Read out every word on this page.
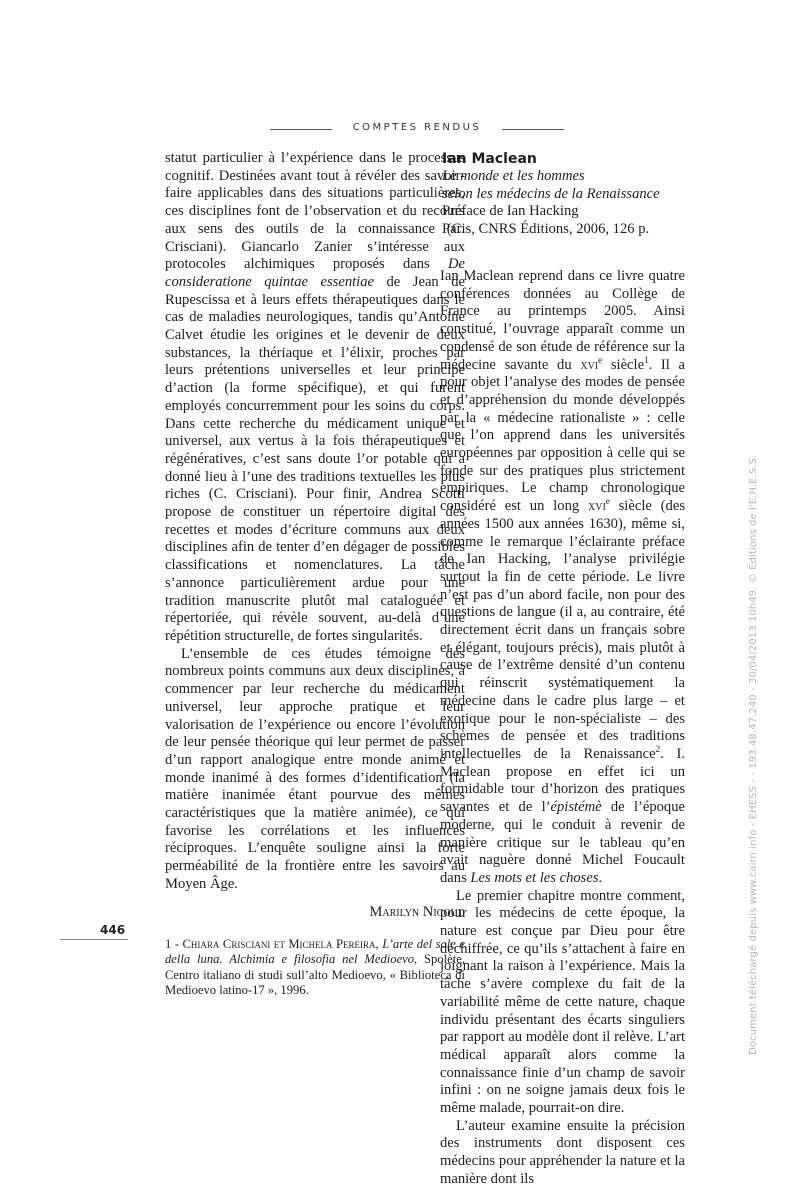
COMPTES RENDUS

statut particulier à l’expérience dans le processus cognitif. Destinées avant tout à révéler des savoir-faire applicables dans des situations particulières, ces disciplines font de l’observation et du recours aux sens des outils de la connaissance (C. Crisciani). Giancarlo Zanier s’intéresse aux protocoles alchimiques proposés dans De consideratione quintae essentiae de Jean de Rupescissa et à leurs effets thérapeutiques dans le cas de maladies neurologiques, tandis qu’Antoine Calvet étudie les origines et le devenir de deux substances, la thériaque et l’élixir, proches par leurs prétentions universelles et leur principe d’action (la forme spécifique), et qui furent employés concurremment pour les soins du corps. Dans cette recherche du médicament unique et universel, aux vertus à la fois thérapeutiques et régénératives, c’est sans doute l’or potable qui a donné lieu à l’une des traditions textuelles les plus riches (C. Crisciani). Pour finir, Andrea Scotti propose de constituer un répertoire digital des recettes et modes d’écriture communs aux deux disciplines afin de tenter d’en dégager de possibles classifications et nomenclatures. La tâche s’annonce particulièrement ardue pour une tradition manuscrite plutôt mal cataloguée et répertoriée, qui révèle souvent, au-delà d’une répétition structurelle, de fortes singularités.

L’ensemble de ces études témoigne des nombreux points communs aux deux disciplines, à commencer par leur recherche du médicament universel, leur approche pratique et leur valorisation de l’expérience ou encore l’évolution de leur pensée théorique qui leur permet de passer d’un rapport analogique entre monde animé et monde inanimé à des formes d’identification (la matière inanimée étant pourvue des mêmes caractéristiques que la matière animée), ce qui favorise les corrélations et les influences réciproques. L’enquête souligne ainsi la forte perméabilité de la frontière entre les savoirs au Moyen Âge.

Marilyn Nicoud
1 - Chiara Crisciani et Michela Pereira, L’arte del sole e della luna. Alchimia e filosofia nel Medioevo, Spolète, Centro italiano di studi sull’alto Medioevo, « Biblioteca di Medioevo latino-17 », 1996.
Ian Maclean
Le monde et les hommes
selon les médecins de la Renaissance
Préface de Ian Hacking
Paris, CNRS Éditions, 2006, 126 p.

Ian Maclean reprend dans ce livre quatre conférences données au Collège de France au printemps 2005. Ainsi constitué, l’ouvrage apparaît comme un condensé de son étude de référence sur la médecine savante du xvi$^e$ siècle$^1$. Il a pour objet l’analyse des modes de pensée et d’appréhension du monde développés par la « médecine rationaliste » : celle que l’on apprend dans les universités européennes par opposition à celle qui se fonde sur des pratiques plus strictement empiriques. Le champ chronologique considéré est un long xvi$^e$ siècle (des années 1500 aux années 1630), même si, comme le remarque l’éclairante préface de Ian Hacking, l’analyse privilégie surtout la fin de cette période. Le livre n’est pas d’un abord facile, non pour des questions de langue (il a, au contraire, été directement écrit dans un français sobre et élégant, toujours précis), mais plutôt à cause de l’extrême densité d’un contenu qui réinscrit systématiquement la médecine dans le cadre plus large – et exotique pour le non-spécialiste – des schèmes de pensée et des traditions intellectuelles de la Renaissance$^2$. I. Maclean propose en effet ici un formidable tour d’horizon des pratiques savantes et de l’épistémè de l’époque moderne, qui le conduit à revenir de manière critique sur le tableau qu’en avait naguère donné Michel Foucault dans Les mots et les choses.

Le premier chapitre montre comment, pour les médecins de cette époque, la nature est conçue par Dieu pour être déchiffrée, ce qu’ils s’attachent à faire en joignant la raison à l’expérience. Mais la tâche s’avère complexe du fait de la variabilité même de cette nature, chaque individu présentant des écarts singuliers par rapport au modèle dont il relève. L’art médical apparaît alors comme la connaissance finie d’un champ de savoir infini : on ne soigne jamais deux fois le même malade, pourrait-on dire.

L’auteur examine ensuite la précision des instruments dont disposent ces médecins pour appréhender la nature et la manière dont ils

446	Document téléchargé depuis www.cairn.info - EHESS - - 193.48.47.240 - 30/04/2013 10h49. © Éditions de l'E.H.E.S.S.
